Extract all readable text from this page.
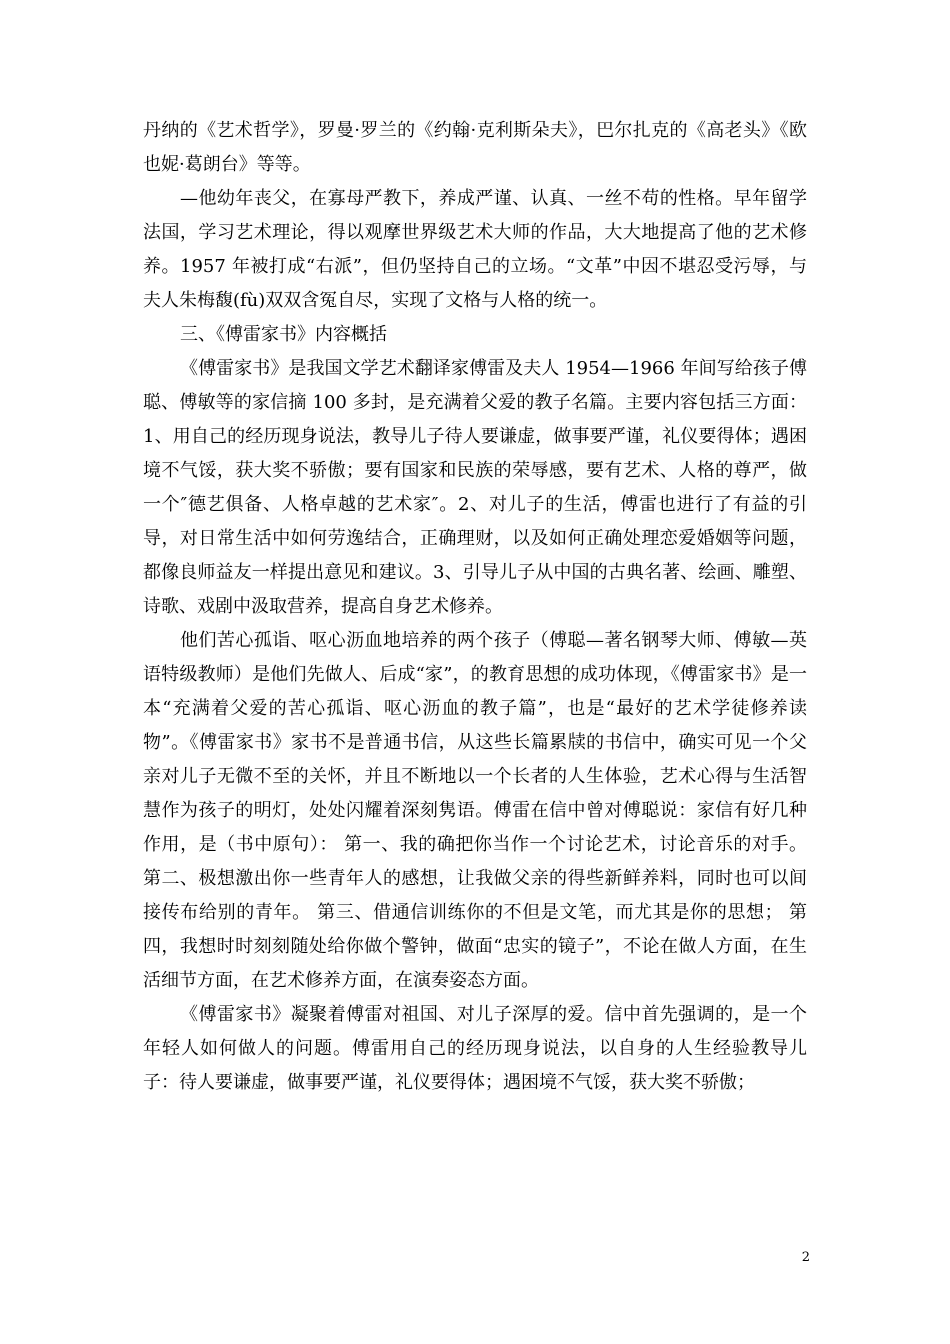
丹纳的《艺术哲学》，罗曼·罗兰的《约翰·克利斯朵夫》，巴尔扎克的《高老头》《欧也妮·葛朗台》等等。

—他幼年丧父，在寡母严教下，养成严谨、认真、一丝不苟的性格。早年留学法国，学习艺术理论，得以观摩世界级艺术大师的作品，大大地提高了他的艺术修养。1957 年被打成“右派”，但仍坚持自己的立场。“文革”中因不堪忍受污辱，与夫人朱梅馥(fù)双双含冤自尽，实现了文格与人格的统一。

三、《傅雷家书》内容概括

《傅雷家书》是我国文学艺术翻译家傅雷及夫人 1954—1966 年间写给孩子傅聪、傅敏等的家信摘 100 多封，是充满着父爱的教子名篇。主要内容包括三方面：1、用自己的经历现身说法，教导儿子待人要谦虚，做事要严谨，礼仪要得体；遇困境不气馁，获大奖不骄傲；要有国家和民族的荣辱感，要有艺术、人格的尊严，做一个″德艺俱备、人格卓越的艺术家″。2、对儿子的生活，傅雷也进行了有益的引导，对日常生活中如何劳逸结合，正确理财，以及如何正确处理恋爱婚姻等问题，都像良师益友一样提出意见和建议。3、引导儿子从中国的古典名著、绘画、雕塑、诗歌、戏剧中汲取营养，提高自身艺术修养。

他们苦心孤诣、呕心沥血地培养的两个孩子（傅聪—著名钢琴大师、傅敏—英语特级教师）是他们先做人、后成“家”，的教育思想的成功体现，《傅雷家书》是一本“充满着父爱的苦心孤诣、呕心沥血的教子篇”，也是“最好的艺术学徒修养读物”。《傅雷家书》家书不是普通书信，从这些长篇累牍的书信中，确实可见一个父亲对儿子无微不至的关怀，并且不断地以一个长者的人生体验，艺术心得与生活智慧作为孩子的明灯，处处闪耀着深刻隽语。傅雷在信中曾对傅聪说：家信有好几种作用，是（书中原句）： 第一、我的确把你当作一个讨论艺术，讨论音乐的对手。 第二、极想激出你一些青年人的感想，让我做父亲的得些新鲜养料，同时也可以间接传布给别的青年。 第三、借通信训练你的不但是文笔，而尤其是你的思想； 第四，我想时时刻刻随处给你做个警钟，做面“忠实的镜子”，不论在做人方面，在生活细节方面，在艺术修养方面，在演奏姿态方面。

《傅雷家书》凝聚着傅雷对祖国、对儿子深厚的爱。信中首先强调的，是一个年轻人如何做人的问题。傅雷用自己的经历现身说法，以自身的人生经验教导儿子：待人要谦虚，做事要严谨，礼仪要得体；遇困境不气馁，获大奖不骄傲；

2
